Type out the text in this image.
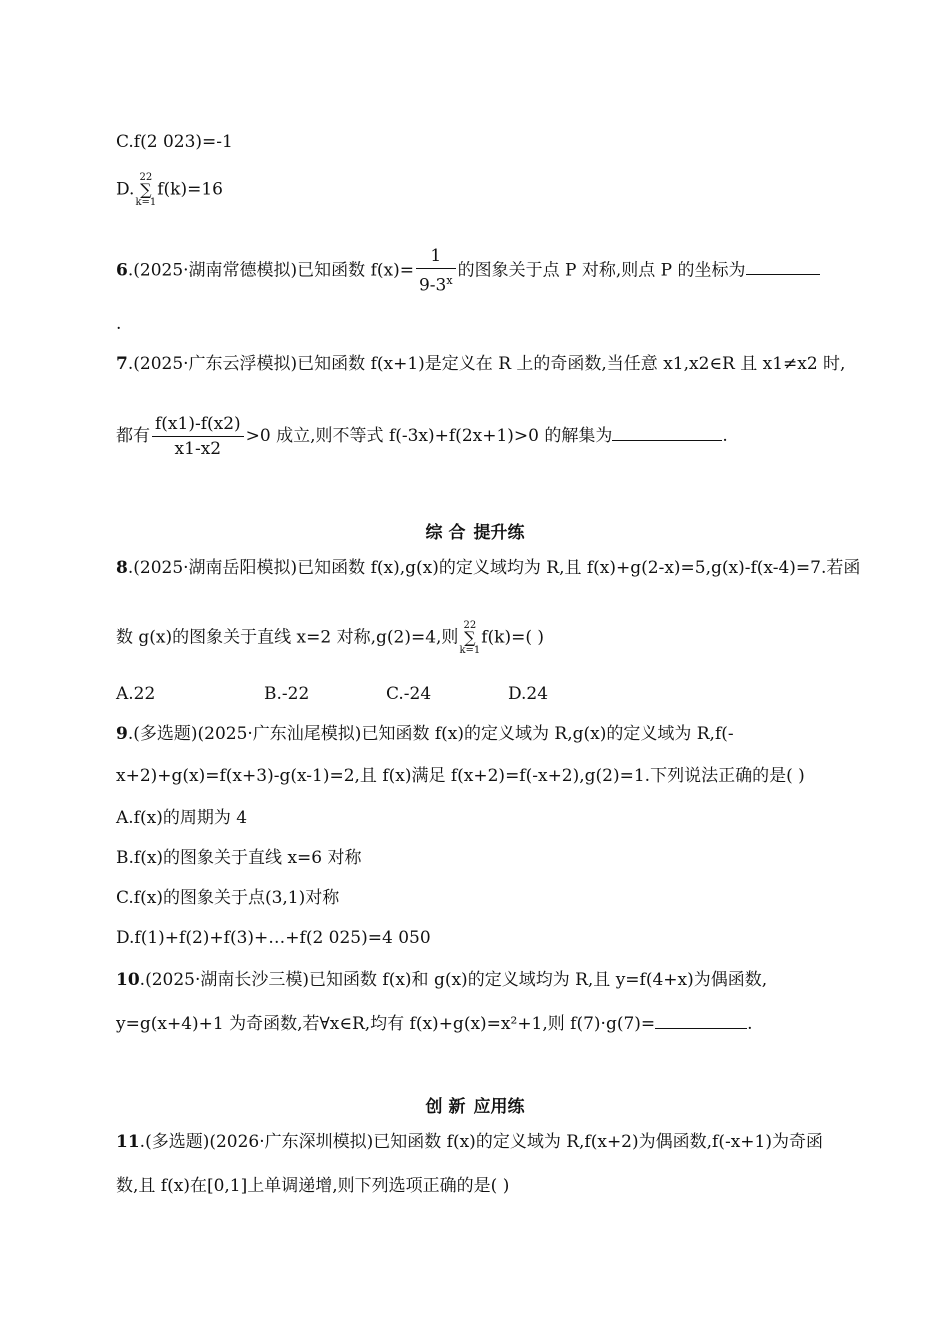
C.f(2 023)=-1
D.22
∑
k=1f(k)=16
6.(2025·湖南常德模拟)已知函数 $f(x)= \frac{1}{9-3^x}$ 的图象关于点 P 对称,则点 P 的坐标为
.
7.(2025·广东云浮模拟)已知函数 f(x+1)是定义在 R 上的奇函数,当任意 x1,x2∈R 且 x1≠x2 时,
都有 $\frac{f(x1)-f(x2)}{x1-x2} >0$ 成立,则不等式 f(-3x)+f(2x+1)>0 的解集为	.
综 合 提升练
8.(2025·湖南岳阳模拟)已知函数 f(x),g(x)的定义域均为 R,且 f(x)+g(2-x)=5,g(x)-f(x-4)=7.若函
数 g(x)的图象关于直线 x=2 对称,g(2)=4,则22
∑
k=1f(k)=( )
A.22	B.-22	C.-24	D.24
9.(多选题)(2025·广东汕尾模拟)已知函数 f(x)的定义域为 R,g(x)的定义域为 R,f(-
x+2)+g(x)=f(x+3)-g(x-1)=2,且 f(x)满足 f(x+2)=f(-x+2),g(2)=1.下列说法正确的是( )
A.f(x)的周期为 4
B.f(x)的图象关于直线 x=6 对称
C.f(x)的图象关于点(3,1)对称
D.f(1)+f(2)+f(3)+…+f(2 025)=4 050
10.(2025·湖南长沙三模)已知函数 f(x)和 g(x)的定义域均为 R,且 y=f(4+x)为偶函数,
y=g(x+4)+1 为奇函数,若∀x∈R,均有 f(x)+g(x)=x²+1,则 f(7)·g(7)=	.
创 新 应用练
11.(多选题)(2026·广东深圳模拟)已知函数 f(x)的定义域为 R,f(x+2)为偶函数,f(-x+1)为奇函
数,且 f(x)在[0,1]上单调递增,则下列选项正确的是( )
